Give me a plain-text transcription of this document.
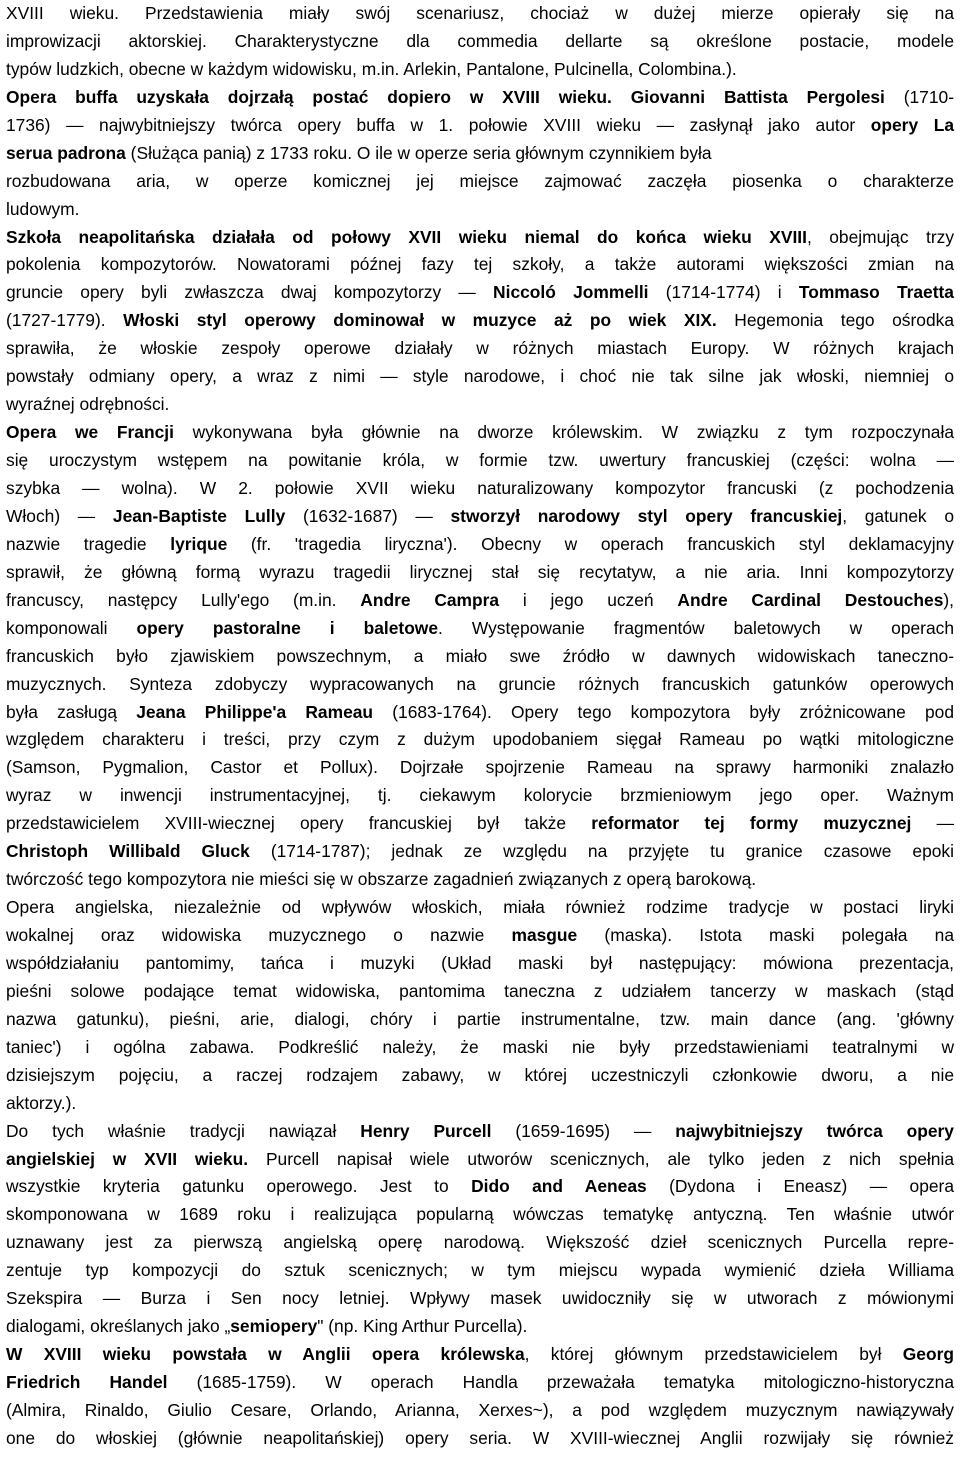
XVIII wieku. Przedstawienia miały swój scenariusz, chociaż w dużej mierze opierały się na
improwizacji aktorskiej. Charakterystyczne dla commedia dellarte są określone postacie, modele
typów ludzkich, obecne w każdym widowisku, m.in. Arlekin, Pantalone, Pulcinella, Colombina.).
Opera buffa uzyskała dojrzałą postać dopiero w XVIII wieku. Giovanni Battista Pergolesi (1710-
1736) — najwybitniejszy twórca opery buffa w 1. połowie XVIII wieku — zasłynął jako autor opery La
serua padrona (Służąca panią) z 1733 roku. O ile w operze seria głównym czynnikiem była
rozbudowana aria, w operze komicznej jej miejsce zajmować zaczęła piosenka o charakterze
ludowym.
Szkoła neapolitańska działała od połowy XVII wieku niemal do końca wieku XVIII, obejmując trzy
pokolenia kompozytorów. Nowatorami późnej fazy tej szkoły, a także autorami większości zmian na
gruncie opery byli zwłaszcza dwaj kompozytorzy — Niccoló Jommelli (1714-1774) i Tommaso Traetta
(1727-1779). Włoski styl operowy dominował w muzyce aż po wiek XIX. Hegemonia tego ośrodka
sprawiła, że włoskie zespoły operowe działały w różnych miastach Europy. W różnych krajach
powstały odmiany opery, a wraz z nimi — style narodowe, i choć nie tak silne jak włoski, niemniej o
wyraźnej odrębności.
Opera we Francji wykonywana była głównie na dworze królewskim. W związku z tym rozpoczynała
się uroczystym wstępem na powitanie króla, w formie tzw. uwertury francuskiej (części: wolna —
szybka — wolna). W 2. połowie XVII wieku naturalizowany kompozytor francuski (z pochodzenia
Włoch) — Jean-Baptiste Lully (1632-1687) — stworzył narodowy styl opery francuskiej, gatunek o
nazwie tragedie lyrique (fr. 'tragedia liryczna'). Obecny w operach francuskich styl deklamacyjny
sprawił, że główną formą wyrazu tragedii lirycznej stał się recytatyw, a nie aria. Inni kompozytorzy
francuscy, następcy Lully'ego (m.in. Andre Campra i jego uczeń Andre Cardinal Destouches),
komponowali opery pastoralne i baletowe. Występowanie fragmentów baletowych w operach
francuskich było zjawiskiem powszechnym, a miało swe źródło w dawnych widowiskach taneczno-
muzycznych. Synteza zdobyczy wypracowanych na gruncie różnych francuskich gatunków operowych
była zasługą Jeana Philippe'a Rameau (1683-1764). Opery tego kompozytora były zróżnicowane pod
względem charakteru i treści, przy czym z dużym upodobaniem sięgał Rameau po wątki mitologiczne
(Samson, Pygmalion, Castor et Pollux). Dojrzałe spojrzenie Rameau na sprawy harmoniki znalazło
wyraz w inwencji instrumentacyjnej, tj. ciekawym kolorycie brzmieniowym jego oper. Ważnym
przedstawicielem XVIII-wiecznej opery francuskiej był także reformator tej formy muzycznej —
Christoph Willibald Gluck (1714-1787); jednak ze względu na przyjęte tu granice czasowe epoki
twórczość tego kompozytora nie mieści się w obszarze zagadnień związanych z operą barokową.
Opera angielska, niezależnie od wpływów włoskich, miała również rodzime tradycje w postaci liryki
wokalnej oraz widowiska muzycznego o nazwie masgue (maska). Istota maski polegała na
współdziałaniu pantomimy, tańca i muzyki (Układ maski był następujący: mówiona prezentacja,
pieśni solowe podające temat widowiska, pantomima taneczna z udziałem tancerzy w maskach (stąd
nazwa gatunku), pieśni, arie, dialogi, chóry i partie instrumentalne, tzw. main dance (ang. 'główny
taniec') i ogólna zabawa. Podkreślić należy, że maski nie były przedstawieniami teatralnymi w
dzisiejszym pojęciu, a raczej rodzajem zabawy, w której uczestniczyli członkowie dworu, a nie
aktorzy.).
Do tych właśnie tradycji nawiązał Henry Purcell (1659-1695) — najwybitniejszy twórca opery
angielskiej w XVII wieku. Purcell napisał wiele utworów scenicznych, ale tylko jeden z nich spełnia
wszystkie kryteria gatunku operowego. Jest to Dido and Aeneas (Dydona i Eneasz) — opera
skomponowana w 1689 roku i realizująca popularną wówczas tematykę antyczną. Ten właśnie utwór
uznawany jest za pierwszą angielską operę narodową. Większość dzieł scenicznych Purcella repre-
zentuje typ kompozycji do sztuk scenicznych; w tym miejscu wypada wymienić dzieła Williama
Szekspira — Burza i Sen nocy letniej. Wpływy masek uwidoczniły się w utworach z mówionymi
dialogami, określanych jako „semiopery" (np. King Arthur Purcella).
W XVIII wieku powstała w Anglii opera królewska, której głównym przedstawicielem był Georg
Friedrich Handel (1685-1759). W operach Handla przeważała tematyka mitologiczno-historyczna
(Almira, Rinaldo, Giulio Cesare, Orlando, Arianna, Xerxes~), a pod względem muzycznym nawiązywały
one do włoskiej (głównie neapolitańskiej) opery seria. W XVIII-wiecznej Anglii rozwijały się również
